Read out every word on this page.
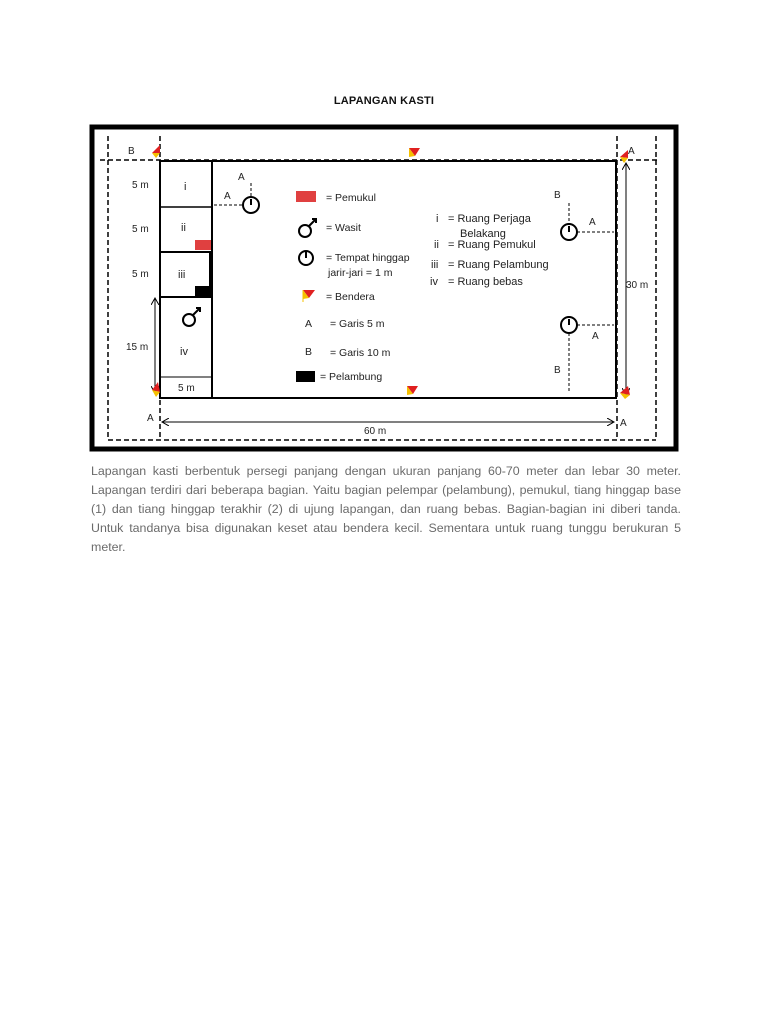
LAPANGAN KASTI
i
ii
iii
iv
5 m
5 m
5 m
5 m
15 m
B
A	A
A
60 m
30 m
A
A	B
A
A
B
= Pemukul
= Wasit
= Tempat hinggap
jarir-jari = 1 m
= Bendera
A = Garis 5 m
B = Garis 10 m
= Pelambung
i = Ruang Perjaga
Belakang
ii = Ruang Pemukul
iii = Ruang Pelambung
iv = Ruang bebas
Lapangan kasti berbentuk persegi panjang dengan ukuran panjang 60-70 meter dan lebar 30 meter. Lapangan terdiri dari beberapa bagian. Yaitu bagian pelempar (pelambung), pemukul, tiang hinggap base (1) dan tiang hinggap terakhir (2) di ujung lapangan, dan ruang bebas. Bagian-bagian ini diberi tanda. Untuk tandanya bisa digunakan keset atau bendera kecil. Sementara untuk ruang tunggu berukuran 5 meter.
